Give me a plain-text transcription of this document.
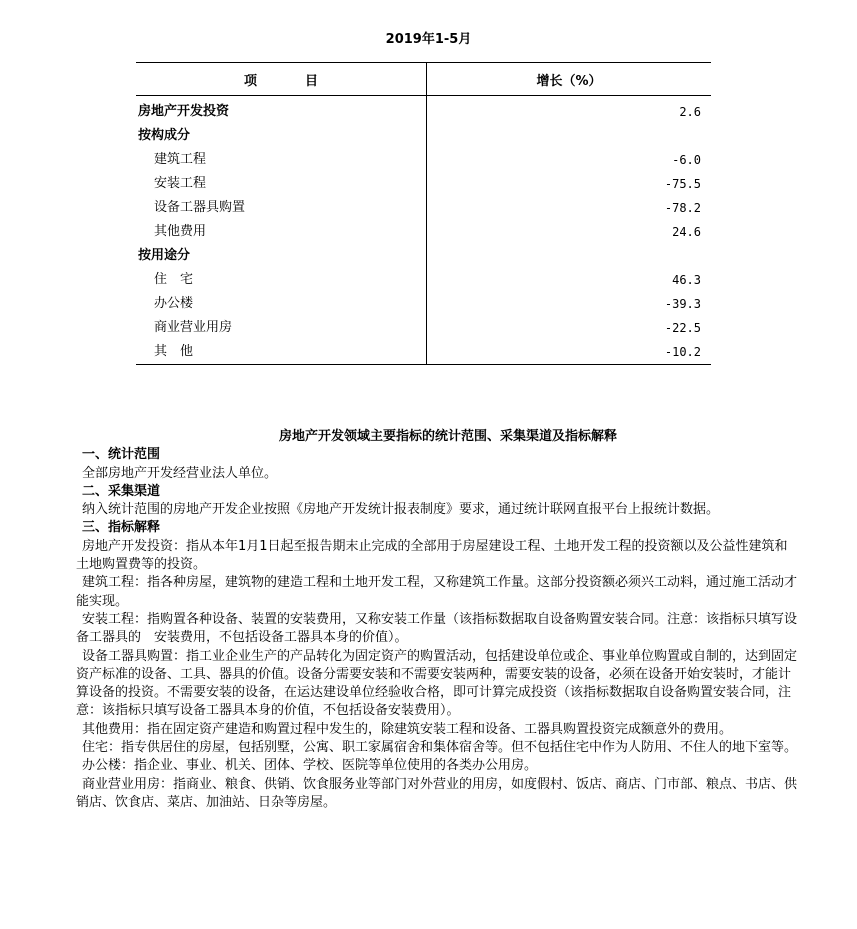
2019年1-5月
项 目	增长（%）
房地产开发投资	2.6
按构成分	
建筑工程	-6.0
安装工程	-75.5
设备工器具购置	-78.2
其他费用	24.6
按用途分	
住　宅	46.3
办公楼	-39.3
商业营业用房	-22.5
其　他	-10.2
房地产开发领域主要指标的统计范围、采集渠道及指标解释
一、统计范围

全部房地产开发经营业法人单位。

二、采集渠道

纳入统计范围的房地产开发企业按照《房地产开发统计报表制度》要求，通过统计联网直报平台上报统计数据。

三、指标解释

房地产开发投资：指从本年1月1日起至报告期末止完成的全部用于房屋建设工程、土地开发工程的投资额以及公益性建筑和土地购置费等的投资。

建筑工程：指各种房屋，建筑物的建造工程和土地开发工程，又称建筑工作量。这部分投资额必须兴工动料，通过施工活动才能实现。

安装工程：指购置各种设备、装置的安装费用，又称安装工作量（该指标数据取自设备购置安装合同。注意：该指标只填写设备工器具的　安装费用，不包括设备工器具本身的价值）。

设备工器具购置：指工业企业生产的产品转化为固定资产的购置活动，包括建设单位或企、事业单位购置或自制的，达到固定资产标准的设备、工具、器具的价值。设备分需要安装和不需要安装两种，需要安装的设备，必须在设备开始安装时，才能计算设备的投资。不需要安装的设备，在运达建设单位经验收合格，即可计算完成投资（该指标数据取自设备购置安装合同，注意：该指标只填写设备工器具本身的价值，不包括设备安装费用）。

其他费用：指在固定资产建造和购置过程中发生的，除建筑安装工程和设备、工器具购置投资完成额意外的费用。

住宅：指专供居住的房屋，包括别墅，公寓、职工家属宿舍和集体宿舍等。但不包括住宅中作为人防用、不住人的地下室等。

办公楼：指企业、事业、机关、团体、学校、医院等单位使用的各类办公用房。

商业营业用房：指商业、粮食、供销、饮食服务业等部门对外营业的用房，如度假村、饭店、商店、门市部、粮点、书店、供销店、饮食店、菜店、加油站、日杂等房屋。
